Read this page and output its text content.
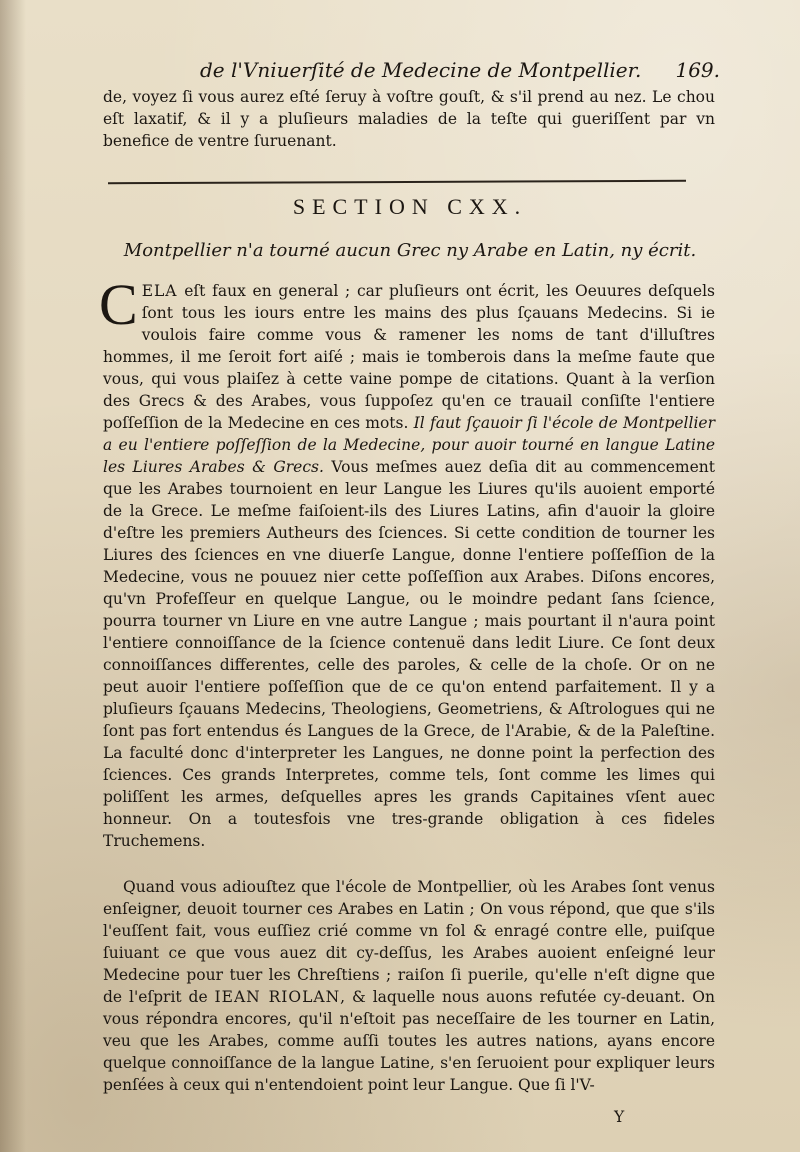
de l'Vniuerſité de Medecine de Montpellier. 169.

de, voyez ſi vous aurez eſté ſeruy à voſtre gouſt, & s'il prend au nez. Le chou eſt laxatif, & il y a pluſieurs maladies de la teſte qui gueriſſent par vn benefice de ventre ſuruenant.

SECTION CXX.
Montpellier n'a tourné aucun Grec ny Arabe en Latin, ny écrit.

CELA eſt faux en general ; car pluſieurs ont écrit, les Oeuures deſquels ſont tous les iours entre les mains des plus ſçauans Medecins. Si ie voulois faire comme vous & ramener les noms de tant d'illuſtres hommes, il me ſeroit fort aiſé ; mais ie tomberois dans la meſme faute que vous, qui vous plaiſez à cette vaine pompe de citations. Quant à la verſion des Grecs & des Arabes, vous ſuppoſez qu'en ce trauail conſiſte l'entiere poſſeſſion de la Medecine en ces mots. Il faut ſçauoir ſi l'école de Montpellier a eu l'entiere poſſeſſion de la Medecine, pour auoir tourné en langue Latine les Liures Arabes & Grecs. Vous meſmes auez deſia dit au commencement que les Arabes tournoient en leur Langue les Liures qu'ils auoient emporté de la Grece. Le meſme faiſoient-ils des Liures Latins, afin d'auoir la gloire d'eſtre les premiers Autheurs des ſciences. Si cette condition de tourner les Liures des ſciences en vne diuerſe Langue, donne l'entiere poſſeſſion de la Medecine, vous ne pouuez nier cette poſſeſſion aux Arabes. Diſons encores, qu'vn Profeſſeur en quelque Langue, ou le moindre pedant ſans ſcience, pourra tourner vn Liure en vne autre Langue ; mais pourtant il n'aura point l'entiere connoiſſance de la ſcience contenuë dans ledit Liure. Ce ſont deux connoiſſances differentes, celle des paroles, & celle de la choſe. Or on ne peut auoir l'entiere poſſeſſion que de ce qu'on entend parfaitement. Il y a pluſieurs ſçauans Medecins, Theologiens, Geometriens, & Aſtrologues qui ne ſont pas fort entendus és Langues de la Grece, de l'Arabie, & de la Paleſtine. La faculté donc d'interpreter les Langues, ne donne point la perfection des ſciences. Ces grands Interpretes, comme tels, ſont comme les limes qui poliſſent les armes, deſquelles apres les grands Capitaines vſent auec honneur. On a toutesfois vne tres-grande obligation à ces fideles Truchemens.

Quand vous adiouſtez que l'école de Montpellier, où les Arabes ſont venus enſeigner, deuoit tourner ces Arabes en Latin ; On vous répond, que que s'ils l'euſſent fait, vous euſſiez crié comme vn fol & enragé contre elle, puiſque ſuiuant ce que vous auez dit cy-deſſus, les Arabes auoient enſeigné leur Medecine pour tuer les Chreſtiens ; raiſon ſi puerile, qu'elle n'eſt digne que de l'eſprit de IEAN RIOLAN, & laquelle nous auons refutée cy-deuant. On vous répondra encores, qu'il n'eſtoit pas neceſſaire de les tourner en Latin, veu que les Arabes, comme auſſi toutes les autres nations, ayans encore quelque connoiſſance de la langue Latine, s'en ſeruoient pour expliquer leurs penſées à ceux qui n'entendoient point leur Langue. Que ſi l'V-

Y
